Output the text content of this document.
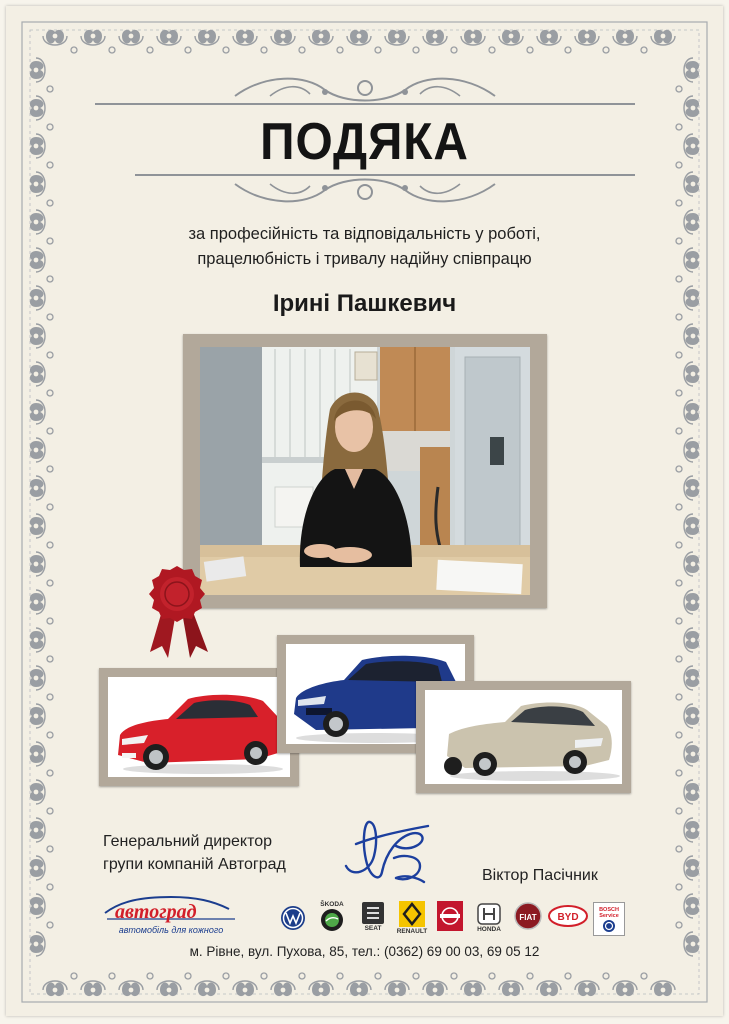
ПОДЯКА
за професійність та відповідальність у роботі,
працелюбність і тривалу надійну співпрацю
Ірині Пашкевич
Генеральний директор
групи компаній Автоград
Віктор Пасічник
автоград
автомобіль для кожного
ŠKODA
SEAT RENAULT	HONDA
FIAT BYD
BOSCH Service
м. Рівне, вул. Пухова, 85, тел.: (0362) 69 00 03, 69 05 12
